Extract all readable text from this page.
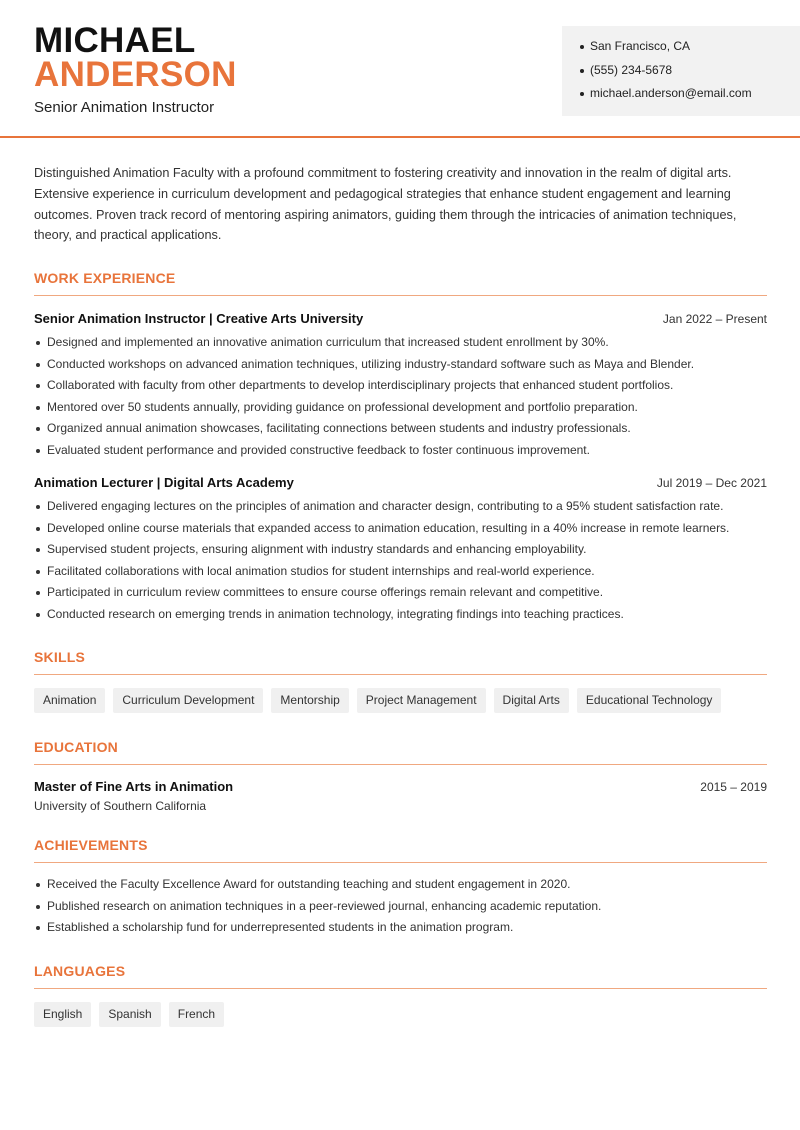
MICHAEL
ANDERSON
Senior Animation Instructor
San Francisco, CA
(555) 234-5678
michael.anderson@email.com

Distinguished Animation Faculty with a profound commitment to fostering creativity and innovation in the realm of digital arts. Extensive experience in curriculum development and pedagogical strategies that enhance student engagement and learning outcomes. Proven track record of mentoring aspiring animators, guiding them through the intricacies of animation techniques, theory, and practical applications.

WORK EXPERIENCE
Senior Animation Instructor | Creative Arts University	Jan 2022 – Present
Designed and implemented an innovative animation curriculum that increased student enrollment by 30%.
Conducted workshops on advanced animation techniques, utilizing industry-standard software such as Maya and Blender.
Collaborated with faculty from other departments to develop interdisciplinary projects that enhanced student portfolios.
Mentored over 50 students annually, providing guidance on professional development and portfolio preparation.
Organized annual animation showcases, facilitating connections between students and industry professionals.
Evaluated student performance and provided constructive feedback to foster continuous improvement.
Animation Lecturer | Digital Arts Academy	Jul 2019 – Dec 2021
Delivered engaging lectures on the principles of animation and character design, contributing to a 95% student satisfaction rate.
Developed online course materials that expanded access to animation education, resulting in a 40% increase in remote learners.
Supervised student projects, ensuring alignment with industry standards and enhancing employability.
Facilitated collaborations with local animation studios for student internships and real-world experience.
Participated in curriculum review committees to ensure course offerings remain relevant and competitive.
Conducted research on emerging trends in animation technology, integrating findings into teaching practices.
SKILLS
Animation	Curriculum Development	Mentorship	Project Management	Digital Arts	Educational Technology
EDUCATION
Master of Fine Arts in Animation	2015 – 2019
University of Southern California
ACHIEVEMENTS
Received the Faculty Excellence Award for outstanding teaching and student engagement in 2020.
Published research on animation techniques in a peer-reviewed journal, enhancing academic reputation.
Established a scholarship fund for underrepresented students in the animation program.
LANGUAGES
English	Spanish	French
